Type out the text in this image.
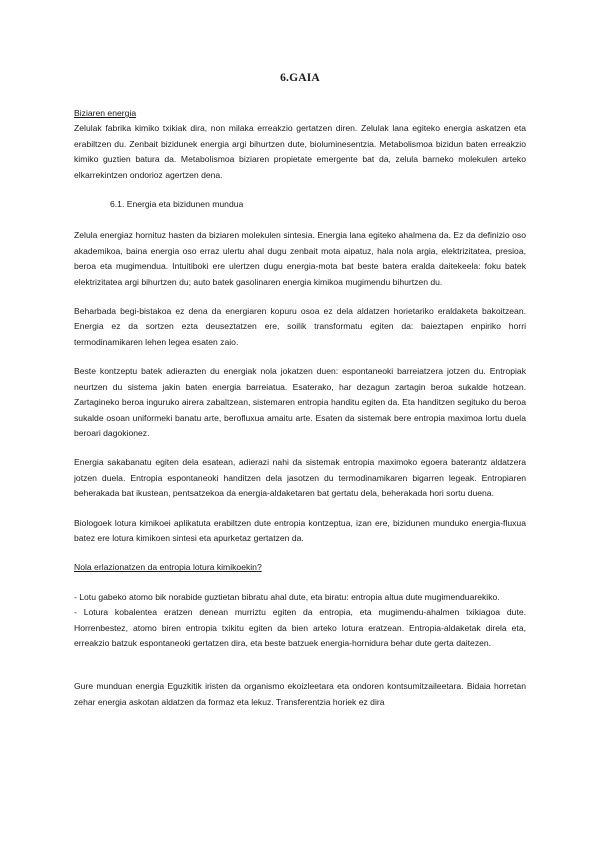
6.GAIA
Biziaren energia

Zelulak fabrika kimiko txikiak dira, non milaka erreakzio gertatzen diren. Zelulak lana egiteko energia askatzen eta erabiltzen du. Zenbait bizidunek energia argi bihurtzen dute, bioluminesentzia. Metabolismoa bizidun baten erreakzio kimiko guztien batura da. Metabolismoa biziaren propietate emergente bat da, zelula barneko molekulen arteko elkarrekintzen ondorioz agertzen dena.

6.1. Energia eta bizidunen mundua

Zelula energiaz hornituz hasten da biziaren molekulen sintesia. Energia lana egiteko ahalmena da. Ez da definizio oso akademikoa, baina energia oso erraz ulertu ahal dugu zenbait mota aipatuz, hala nola argia, elektrizitatea, presioa, beroa eta mugimendua. Intuitiboki ere ulertzen dugu energia-mota bat beste batera eralda daitekeela: foku batek elektrizitatea argi bihurtzen du; auto batek gasolinaren energia kimikoa mugimendu bihurtzen du.

Beharbada begi-bistakoa ez dena da energiaren kopuru osoa ez dela aldatzen horietariko eraldaketa bakoitzean. Energia ez da sortzen ezta deuseztatzen ere, soilik transformatu egiten da: baieztapen enpiriko horri termodinamikaren lehen legea esaten zaio.

Beste kontzeptu batek adierazten du energiak nola jokatzen duen: espontaneoki barreiatzera jotzen du. Entropiak neurtzen du sistema jakin baten energia barreiatua. Esaterako, har dezagun zartagin beroa sukalde hotzean. Zartagineko beroa inguruko airera zabaltzean, sistemaren entropia handitu egiten da. Eta handitzen segituko du beroa sukalde osoan uniformeki banatu arte, berofluxua amaitu arte. Esaten da sistemak bere entropia maximoa lortu duela beroari dagokionez.

Energia sakabanatu egiten dela esatean, adierazi nahi da sistemak entropia maximoko egoera baterantz aldatzera jotzen duela. Entropia espontaneoki handitzen dela jasotzen du termodinamikaren bigarren legeak. Entropiaren beherakada bat ikustean, pentsatzekoa da energia-aldaketaren bat gertatu dela, beherakada hori sortu duena.

Biologoek lotura kimikoei aplikatuta erabiltzen dute entropia kontzeptua, izan ere, bizidunen munduko energia-fluxua batez ere lotura kimikoen sintesi eta apurketaz gertatzen da.

Nola erlazionatzen da entropia lotura kimikoekin?

- Lotu gabeko atomo bik norabide guztietan bibratu ahal dute, eta biratu: entropia altua dute mugimenduarekiko.

- Lotura kobalentea eratzen denean murriztu egiten da entropia, eta mugimendu-ahalmen txikiagoa dute. Horrenbestez, atomo biren entropia txikitu egiten da bien arteko lotura eratzean. Entropia-aldaketak direla eta, erreakzio batzuk espontaneoki gertatzen dira, eta beste batzuek energia-hornidura behar dute gerta daitezen.

Gure munduan energia Eguzkitik iristen da organismo ekoizleetara eta ondoren kontsumitzaileetara. Bidaia horretan zehar energia askotan aldatzen da formaz eta lekuz. Transferentzia horiek ez dira
